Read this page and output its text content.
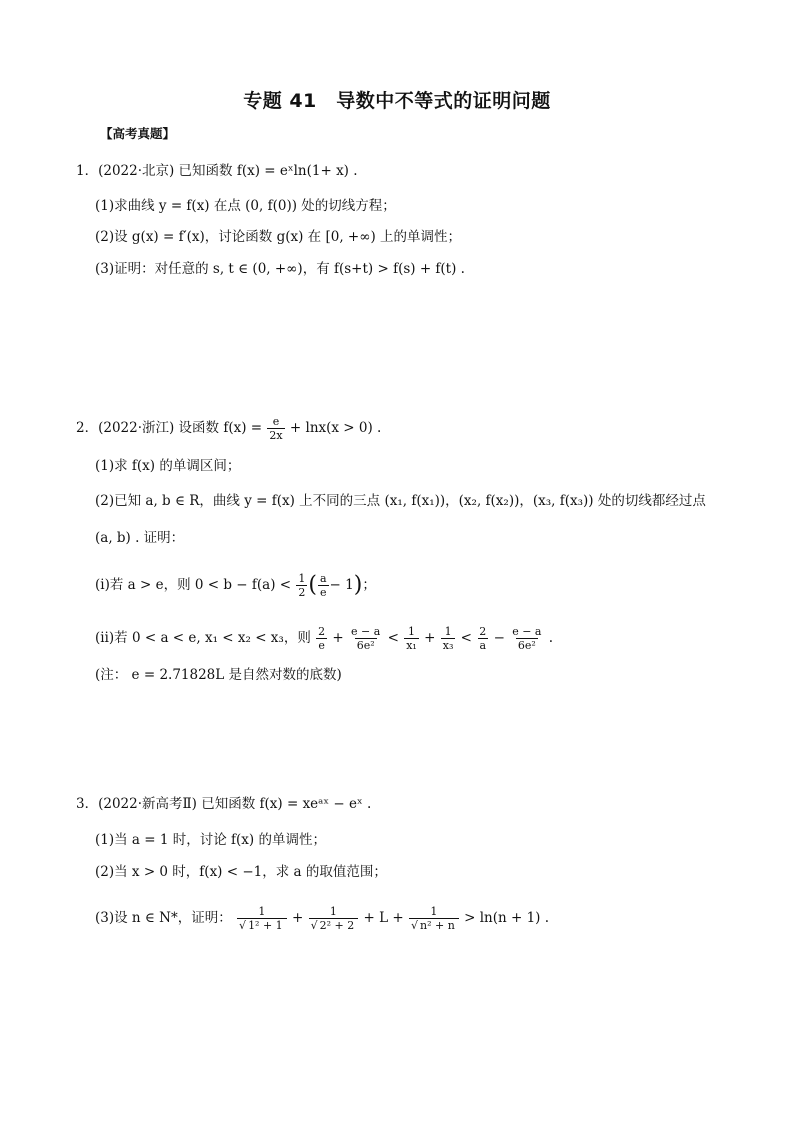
专题 41　导数中不等式的证明问题
【高考真题】
1．(2022·北京) 已知函数 f(x) = eˣln(1+ x) .
(1)求曲线 y = f(x) 在点 (0, f(0)) 处的切线方程；
(2)设 g(x) = f′(x)，讨论函数 g(x) 在 [0, +∞) 上的单调性；
(3)证明：对任意的 s, t ∈ (0, +∞)，有 f(s+t) > f(s) + f(t) .
2．(2022·浙江) 设函数 $f(x) = \frac{e}{2x} + \ln x(x > 0)$ .
(1)求 f(x) 的单调区间；
(2)已知 a, b ∈ R，曲线 y = f(x) 上不同的三点 (x₁, f(x₁))，(x₂, f(x₂))，(x₃, f(x₃)) 处的切线都经过点
(a, b) . 证明：
(ⅰ)若 a > e，则 $0 < b - f(a) < \frac{1}{2}$ ( $\frac{a}{e} - 1$)；
(ⅱ)若 0 < a < e, x₁ < x₂ < x₃，则 $\frac{2}{e} + \frac{e - a}{\text{6e²}} < \frac{1}{\text{x₁}} + \frac{1}{\text{x₃}} < \frac{2}{a} - \frac{e - a}{\text{6e²}}$ .
(注： e = 2.71828L 是自然对数的底数)
3．(2022·新高考Ⅱ) 已知函数 f(x) = xeᵃˣ − eˣ .
(1)当 a = 1 时，讨论 f(x) 的单调性；
(2)当 x > 0 时，f(x) < −1，求 a 的取值范围；
(3)设 n ∈ N*，证明： $\frac{1}{\text{√ 1² + 1}} + \frac{1}{\text{√ 2² + 2}} + L + \frac{1}{\text{√ n² + n}} > \ln(n + 1)$ .
